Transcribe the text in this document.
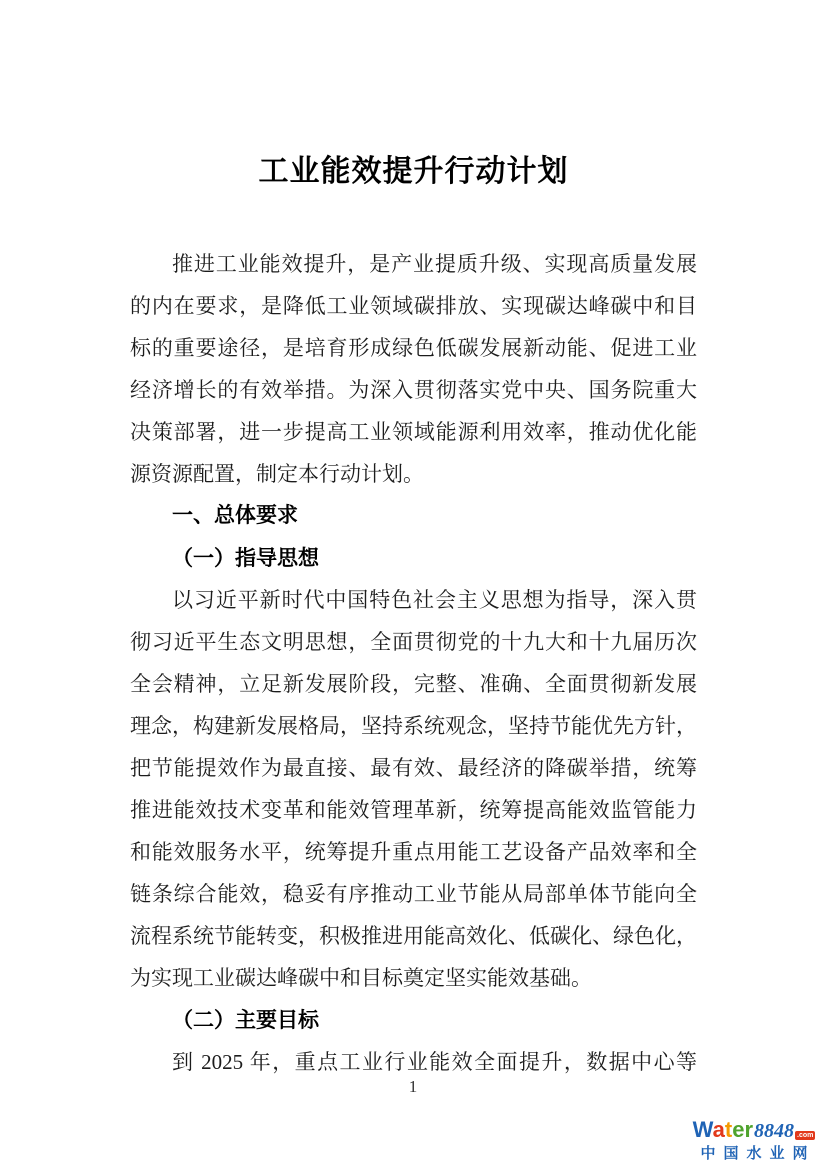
工业能效提升行动计划
推进工业能效提升，是产业提质升级、实现高质量发展
的内在要求，是降低工业领域碳排放、实现碳达峰碳中和目
标的重要途径，是培育形成绿色低碳发展新动能、促进工业
经济增长的有效举措。为深入贯彻落实党中央、国务院重大
决策部署，进一步提高工业领域能源利用效率，推动优化能
源资源配置，制定本行动计划。
一、总体要求
（一）指导思想
以习近平新时代中国特色社会主义思想为指导，深入贯
彻习近平生态文明思想，全面贯彻党的十九大和十九届历次
全会精神，立足新发展阶段，完整、准确、全面贯彻新发展
理念，构建新发展格局，坚持系统观念，坚持节能优先方针，
把节能提效作为最直接、最有效、最经济的降碳举措，统筹
推进能效技术变革和能效管理革新，统筹提高能效监管能力
和能效服务水平，统筹提升重点用能工艺设备产品效率和全
链条综合能效，稳妥有序推动工业节能从局部单体节能向全
流程系统节能转变，积极推进用能高效化、低碳化、绿色化，
为实现工业碳达峰碳中和目标奠定坚实能效基础。
（二）主要目标
到 2025 年，重点工业行业能效全面提升，数据中心等
1
Water 8848 .com
中国水业网
